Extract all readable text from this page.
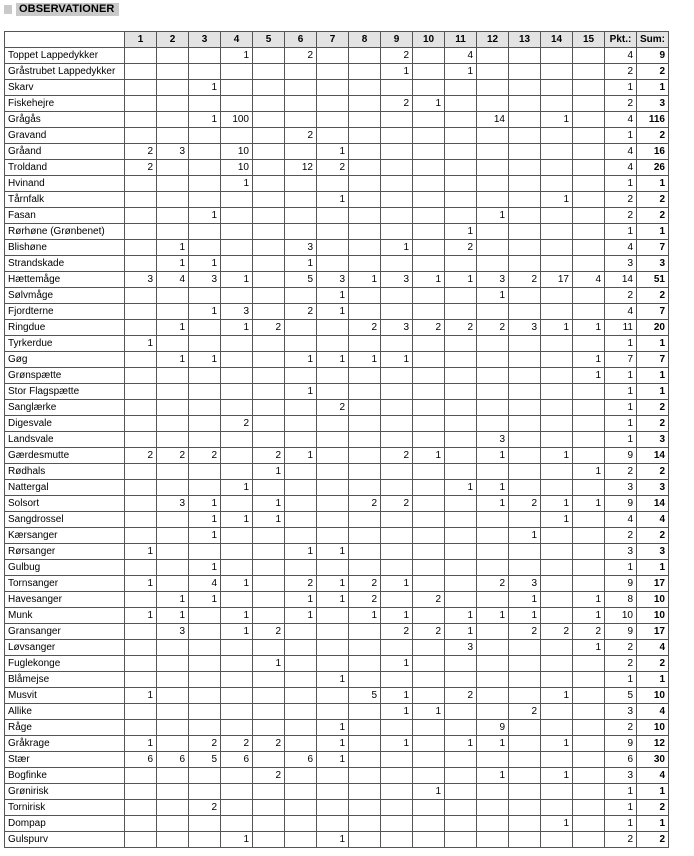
OBSERVATIONER
	1	2	3	4	5	6	7	8	9	10	11	12	13	14	15	Pkt.:	Sum:
Toppet Lappedykker				1		2			2		4					4	9
Gråstrubet Lappedykker									1		1					2	2
Skarv			1													1	1
Fiskehejre									2	1						2	3
Grågås			1	100								14		1		4	116
Gravand						2										1	2
Gråand	2	3		10			1									4	16
Troldand	2			10		12	2									4	26
Hvinand				1												1	1
Tårnfalk							1							1		2	2
Fasan			1									1				2	2
Rørhøne (Grønbenet)											1					1	1
Blishøne		1				3			1		2					4	7
Strandskade		1	1			1										3	3
Hættemåge	3	4	3	1		5	3	1	3	1	1	3	2	17	4	14	51
Sølvmåge							1					1				2	2
Fjordterne			1	3		2	1									4	7
Ringdue		1		1	2			2	3	2	2	2	3	1	1	11	20
Tyrkerdue	1															1	1
Gøg		1	1			1	1	1	1						1	7	7
Grønspætte															1	1	1
Stor Flagspætte						1										1	1
Sanglærke							2									1	2
Digesvale				2												1	2
Landsvale												3				1	3
Gærdesmutte	2	2	2		2	1			2	1		1		1		9	14
Rødhals					1										1	2	2
Nattergal				1							1	1				3	3
Solsort		3	1		1			2	2			1	2	1	1	9	14
Sangdrossel			1	1	1									1		4	4
Kærsanger			1										1			2	2
Rørsanger	1					1	1									3	3
Gulbug			1													1	1
Tornsanger	1		4	1		2	1	2	1			2	3			9	17
Havesanger		1	1			1	1	2		2			1		1	8	10
Munk	1	1		1		1		1	1		1	1	1		1	10	10
Gransanger		3		1	2				2	2	1		2	2	2	9	17
Løvsanger											3				1	2	4
Fuglekonge					1				1							2	2
Blåmejse							1									1	1
Musvit	1							5	1		2			1		5	10
Allike									1	1			2			3	4
Råge							1					9				2	10
Gråkrage	1		2	2	2		1		1		1	1		1		9	12
Stær	6	6	5	6		6	1									6	30
Bogfinke					2							1		1		3	4
Grønirisk										1						1	1
Tornirisk			2													1	2
Dompap														1		1	1
Gulspurv				1			1									2	2
